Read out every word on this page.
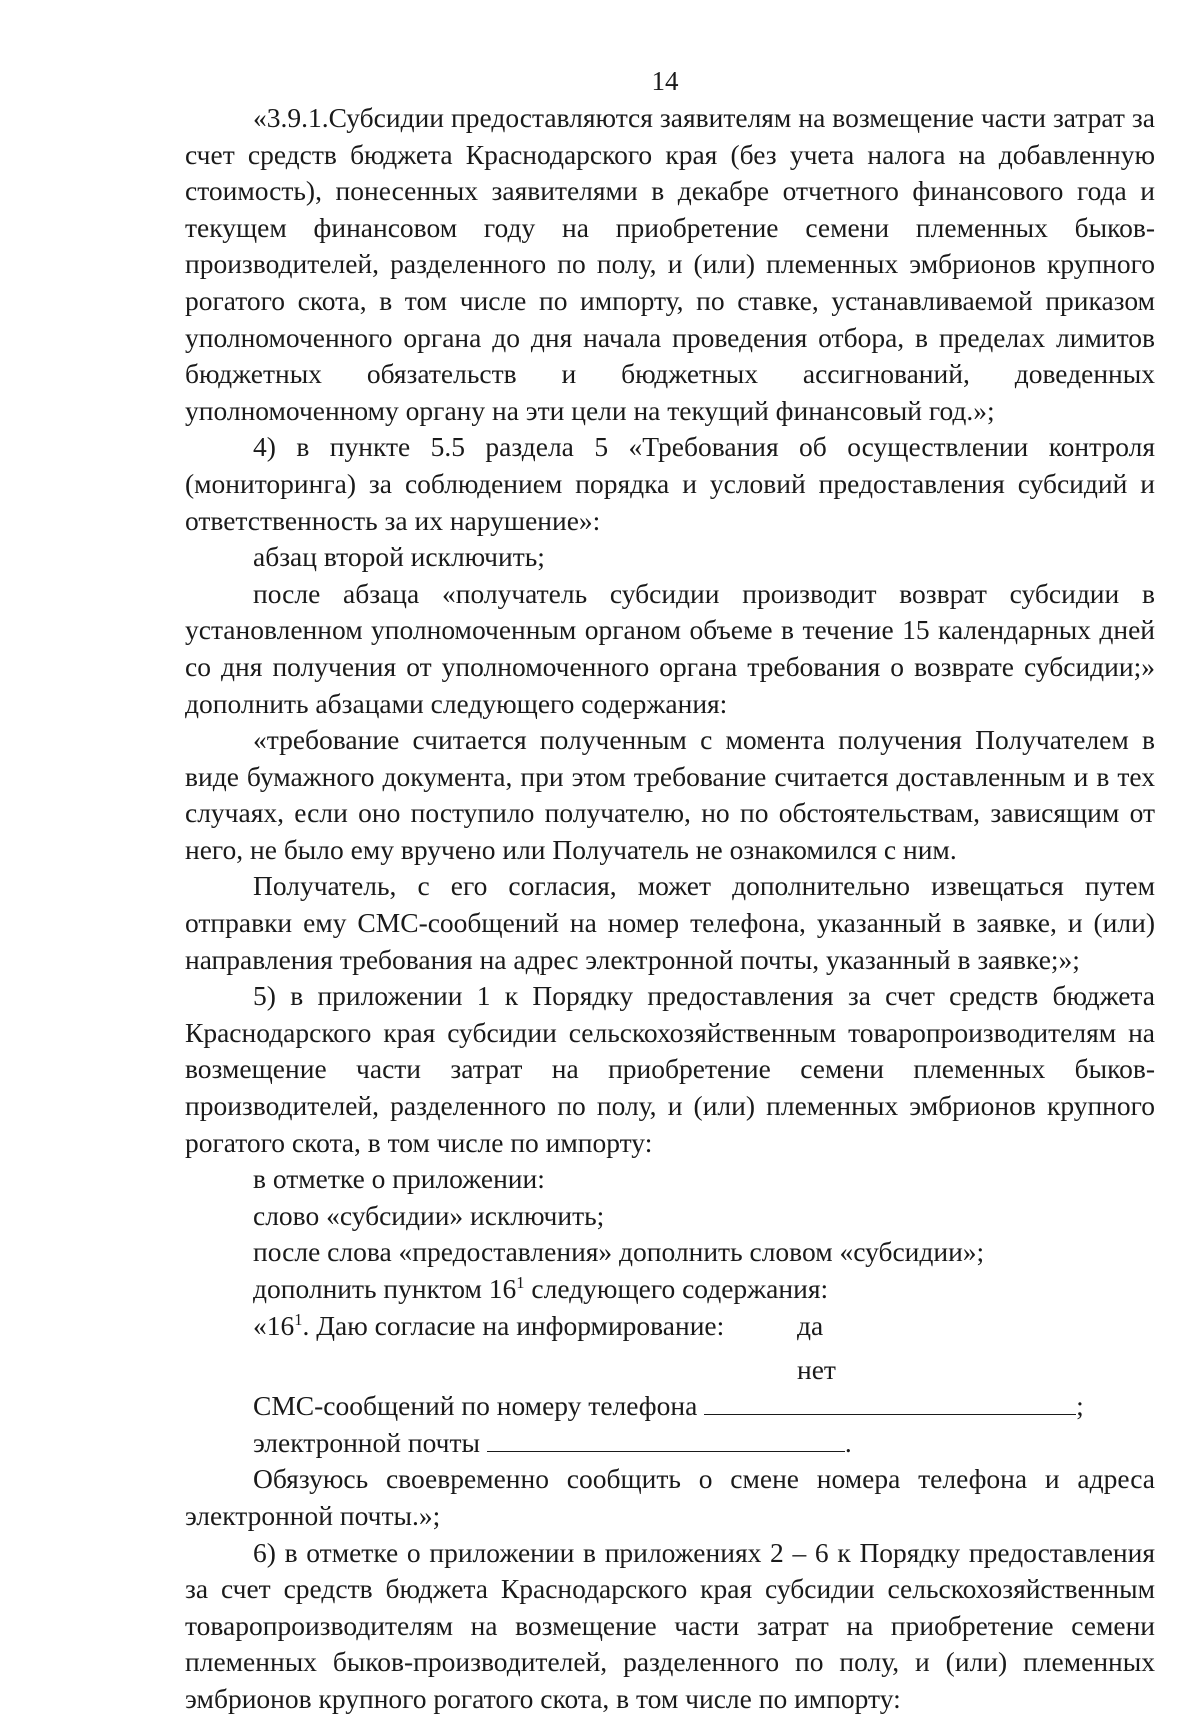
14

«3.9.1.Субсидии предоставляются заявителям на возмещение части затрат за счет средств бюджета Краснодарского края (без учета налога на добавленную стоимость), понесенных заявителями в декабре отчетного финансового года и текущем финансовом году на приобретение семени племенных быков-производителей, разделенного по полу, и (или) племенных эмбрионов крупного рогатого скота, в том числе по импорту, по ставке, устанавливаемой приказом уполномоченного органа до дня начала проведения отбора, в пределах лимитов бюджетных обязательств и бюджетных ассигнований, доведенных уполномоченному органу на эти цели на текущий финансовый год.»;

4) в пункте 5.5 раздела 5 «Требования об осуществлении контроля (мониторинга) за соблюдением порядка и условий предоставления субсидий и ответственность за их нарушение»:

абзац второй исключить;

после абзаца «получатель субсидии производит возврат субсидии в установленном уполномоченным органом объеме в течение 15 календарных дней со дня получения от уполномоченного органа требования о возврате субсидии;» дополнить абзацами следующего содержания:

«требование считается полученным с момента получения Получателем в виде бумажного документа, при этом требование считается доставленным и в тех случаях, если оно поступило получателю, но по обстоятельствам, зависящим от него, не было ему вручено или Получатель не ознакомился с ним.

Получатель, с его согласия, может дополнительно извещаться путем отправки ему СМС-сообщений на номер телефона, указанный в заявке, и (или) направления требования на адрес электронной почты, указанный в заявке;»;

5) в приложении 1 к Порядку предоставления за счет средств бюджета Краснодарского края субсидии сельскохозяйственным товаропроизводителям на возмещение части затрат на приобретение семени племенных быков-производителей, разделенного по полу, и (или) племенных эмбрионов крупного рогатого скота, в том числе по импорту:

в отметке о приложении:

слово «субсидии» исключить;

после слова «предоставления» дополнить словом «субсидии»;

дополнить пунктом $16^1$ следующего содержания:

«$16^1$. Даю согласие на информирование:	да
нет
СМС-сообщений по номеру телефона	;
электронной почты	.

Обязуюсь своевременно сообщить о смене номера телефона и адреса электронной почты.»;

6) в отметке о приложении в приложениях 2 – 6 к Порядку предоставления за счет средств бюджета Краснодарского края субсидии сельскохозяйственным товаропроизводителям на возмещение части затрат на приобретение семени племенных быков-производителей, разделенного по полу, и (или) племенных эмбрионов крупного рогатого скота, в том числе по импорту:
